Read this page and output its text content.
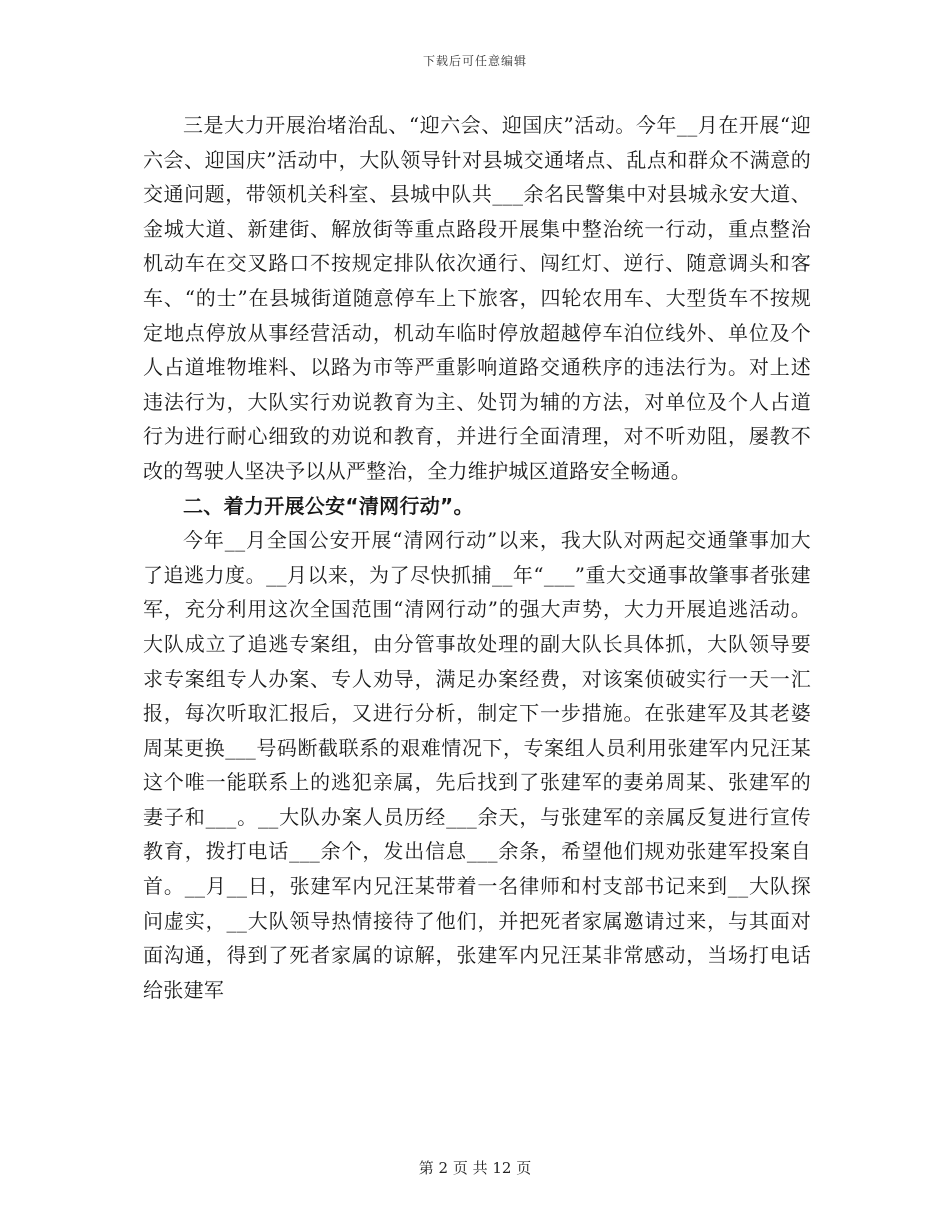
下载后可任意编辑

三是大力开展治堵治乱、“迎六会、迎国庆”活动。今年__月在开展“迎六会、迎国庆”活动中，大队领导针对县城交通堵点、乱点和群众不满意的交通问题，带领机关科室、县城中队共___余名民警集中对县城永安大道、金城大道、新建街、解放街等重点路段开展集中整治统一行动，重点整治机动车在交叉路口不按规定排队依次通行、闯红灯、逆行、随意调头和客车、“的士”在县城街道随意停车上下旅客，四轮农用车、大型货车不按规定地点停放从事经营活动，机动车临时停放超越停车泊位线外、单位及个人占道堆物堆料、以路为市等严重影响道路交通秩序的违法行为。对上述违法行为，大队实行劝说教育为主、处罚为辅的方法，对单位及个人占道行为进行耐心细致的劝说和教育，并进行全面清理，对不听劝阻，屡教不改的驾驶人坚决予以从严整治，全力维护城区道路安全畅通。

二、着力开展公安“清网行动”。

今年__月全国公安开展“清网行动”以来，我大队对两起交通肇事加大了追逃力度。__月以来，为了尽快抓捕__年“___”重大交通事故肇事者张建军，充分利用这次全国范围“清网行动”的强大声势，大力开展追逃活动。大队成立了追逃专案组，由分管事故处理的副大队长具体抓，大队领导要求专案组专人办案、专人劝导，满足办案经费，对该案侦破实行一天一汇报，每次听取汇报后，又进行分析，制定下一步措施。在张建军及其老婆周某更换___号码断截联系的艰难情况下，专案组人员利用张建军内兄汪某这个唯一能联系上的逃犯亲属，先后找到了张建军的妻弟周某、张建军的妻子和___。__大队办案人员历经___余天，与张建军的亲属反复进行宣传教育，拨打电话___余个，发出信息___余条，希望他们规劝张建军投案自首。__月__日，张建军内兄汪某带着一名律师和村支部书记来到__大队探问虚实，__大队领导热情接待了他们，并把死者家属邀请过来，与其面对面沟通，得到了死者家属的谅解，张建军内兄汪某非常感动，当场打电话给张建军

第 2 页 共 12 页
